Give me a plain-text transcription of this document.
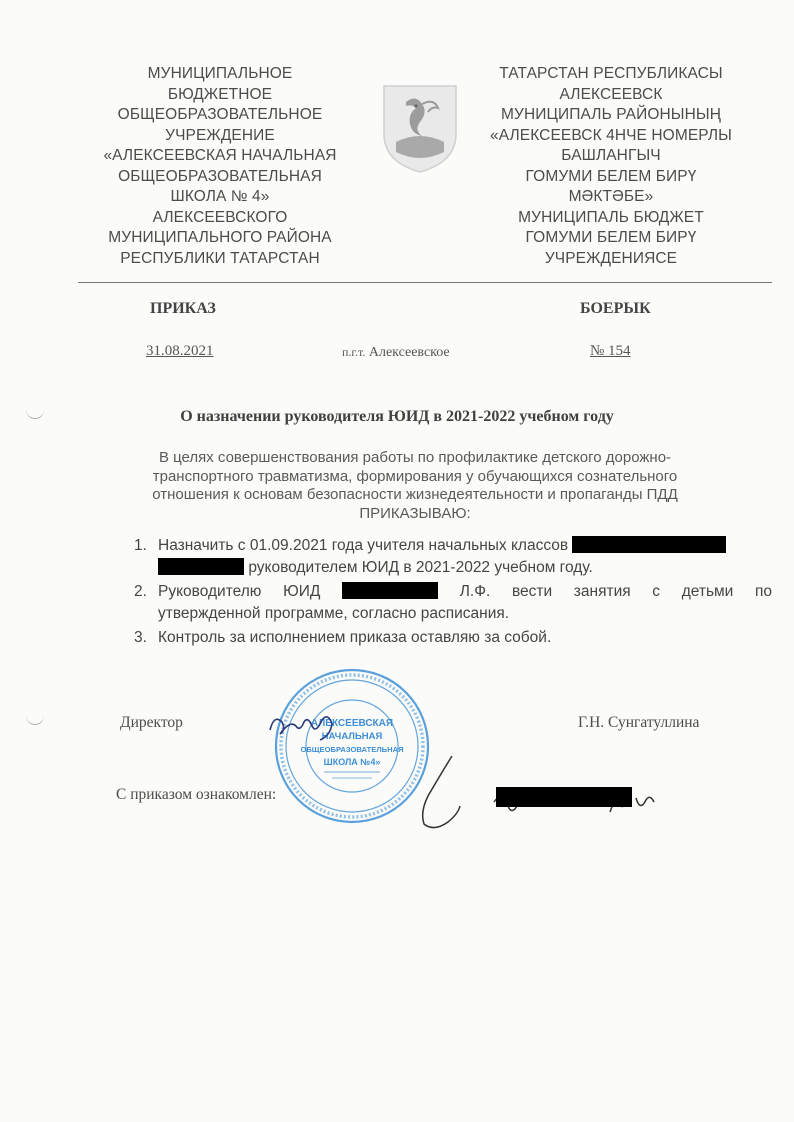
МУНИЦИПАЛЬНОЕ
БЮДЖЕТНОЕ
ОБЩЕОБРАЗОВАТЕЛЬНОЕ
УЧРЕЖДЕНИЕ
«АЛЕКСЕЕВСКАЯ НАЧАЛЬНАЯ
ОБЩЕОБРАЗОВАТЕЛЬНАЯ
ШКОЛА № 4»
АЛЕКСЕЕВСКОГО
МУНИЦИПАЛЬНОГО РАЙОНА
РЕСПУБЛИКИ ТАТАРСТАН
ТАТАРСТАН РЕСПУБЛИКАСЫ
АЛЕКСЕЕВСК
МУНИЦИПАЛЬ РАЙОНЫНЫҢ
«АЛЕКСЕЕВСК 4НЧЕ НОМЕРЛЫ
БАШЛАНГЫЧ
ГОМУМИ БЕЛЕМ БИРҮ
МӘКТӘБЕ»
МУНИЦИПАЛЬ БЮДЖЕТ
ГОМУМИ БЕЛЕМ БИРҮ
УЧРЕЖДЕНИЯСЕ
ПРИКАЗ	БОЕРЫК
31.08.2021	п.г.т. Алексеевское	№ 154
О назначении руководителя ЮИД в 2021-2022 учебном году
В целях совершенствования работы по профилактике детского дорожно-транспортного травматизма, формирования у обучающихся сознательного отношения к основам безопасности жизнедеятельности и пропаганды ПДД
ПРИКАЗЫВАЮ:
1. Назначить с 01.09.2021 года учителя начальных классов
руководителем ЮИД в 2021-2022 учебном году.
2. Руководителю ЮИД	Л.Ф. вести занятия с детьми по
утвержденной программе, согласно расписания.
3. Контроль за исполнением приказа оставляю за собой.
Директор	Г.Н. Сунгатуллина
С приказом ознакомлен:
АЛЕКСЕЕВСКАЯ
НАЧАЛЬНАЯ
ОБЩЕОБРАЗОВАТЕЛЬНАЯ
ШКОЛА №4»
